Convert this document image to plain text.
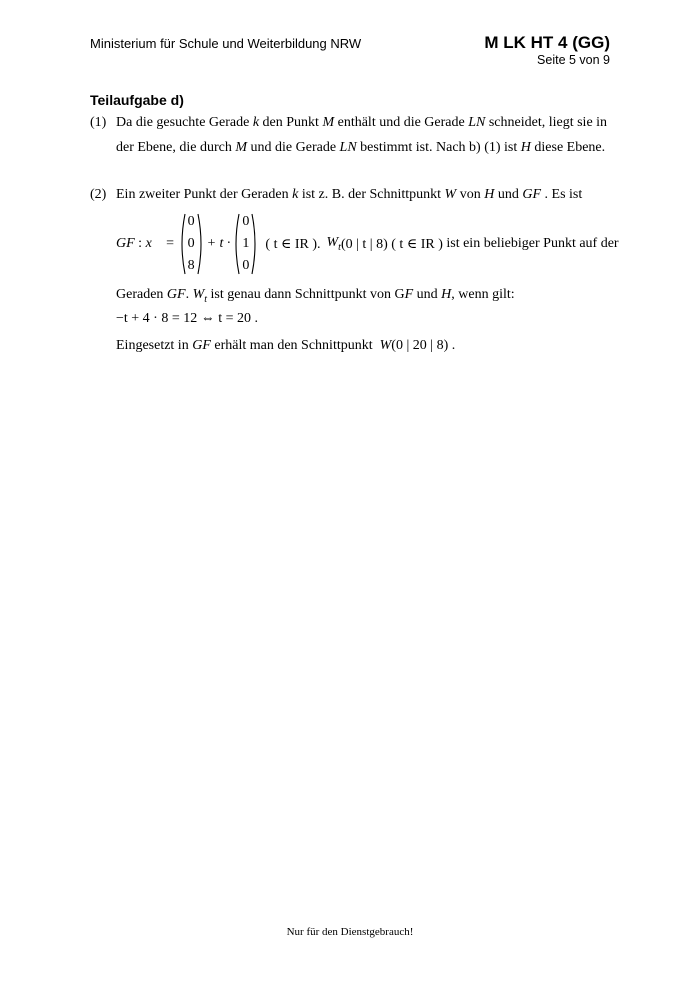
Ministerium für Schule und Weiterbildung NRW	M LK HT 4 (GG)
Seite 5 von 9
Teilaufgabe d)
(1) Da die gesuchte Gerade k den Punkt M enthält und die Gerade LN schneidet, liegt sie in
der Ebene, die durch M und die Gerade LN bestimmt ist. Nach b) (1) ist H diese Ebene.
(2) Ein zweiter Punkt der Geraden k ist z. B. der Schnittpunkt W von H und GF . Es ist
GF : x⃗ =
0
0
8
+ t ·
0
1
0
( t ∈ IR ). $W_t$ (0 | t | 8) ( t ∈ IR ) ist ein beliebiger Punkt auf der
Geraden GF. $W_t$ ist genau dann Schnittpunkt von GF und H, wenn gilt:
−t + 4 · 8 = 12 ⇔ t = 20 .
Eingesetzt in GF erhält man den Schnittpunkt  W(0 | 20 | 8) .
Nur für den Dienstgebrauch!
